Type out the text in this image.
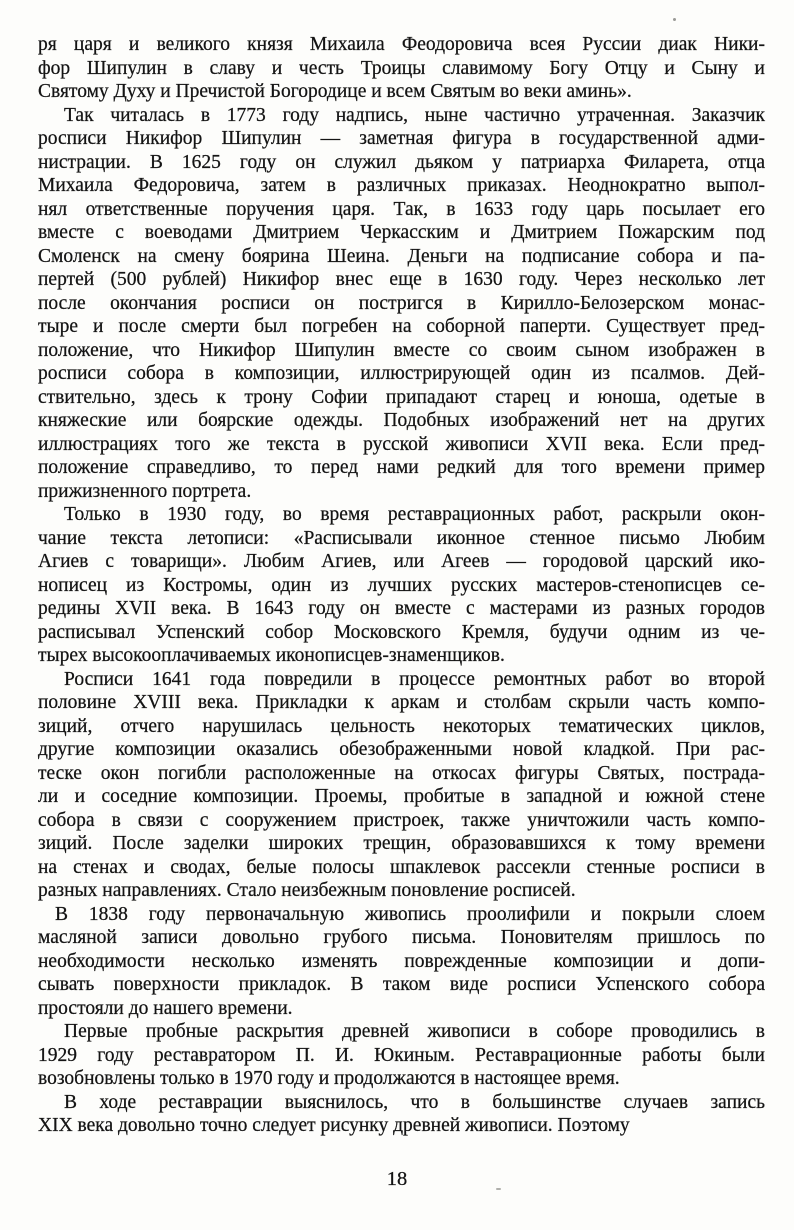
ря царя и великого князя Михаила Феодоровича всея Руссии диак Ники-
фор Шипулин в славу и честь Троицы славимому Богу Отцу и Сыну и
Святому Духу и Пречистой Богородице и всем Святым во веки аминь».
Так читалась в 1773 году надпись, ныне частично утраченная. Заказчик
росписи Никифор Шипулин — заметная фигура в государственной адми-
нистрации. В 1625 году он служил дьяком у патриарха Филарета, отца
Михаила Федоровича, затем в различных приказах. Неоднократно выпол-
нял ответственные поручения царя. Так, в 1633 году царь посылает его
вместе с воеводами Дмитрием Черкасским и Дмитрием Пожарским под
Смоленск на смену боярина Шеина. Деньги на подписание собора и па-
пертей (500 рублей) Никифор внес еще в 1630 году. Через несколько лет
после окончания росписи он постригся в Кирилло-Белозерском монас-
тыре и после смерти был погребен на соборной паперти. Существует пред-
положение, что Никифор Шипулин вместе со своим сыном изображен в
росписи собора в композиции, иллюстрирующей один из псалмов. Дей-
ствительно, здесь к трону Софии припадают старец и юноша, одетые в
княжеские или боярские одежды. Подобных изображений нет на других
иллюстрациях того же текста в русской живописи XVII века. Если пред-
положение справедливо, то перед нами редкий для того времени пример
прижизненного портрета.
Только в 1930 году, во время реставрационных работ, раскрыли окон-
чание текста летописи: «Расписывали иконное стенное письмо Любим
Агиев с товарищи». Любим Агиев, или Агеев — городовой царский ико-
нописец из Костромы, один из лучших русских мастеров-стенописцев се-
редины XVII века. В 1643 году он вместе с мастерами из разных городов
расписывал Успенский собор Московского Кремля, будучи одним из че-
тырех высокооплачиваемых иконописцев-знаменщиков.
Росписи 1641 года повредили в процессе ремонтных работ во второй
половине XVIII века. Прикладки к аркам и столбам скрыли часть компо-
зиций, отчего нарушилась цельность некоторых тематических циклов,
другие композиции оказались обезображенными новой кладкой. При рас-
теске окон погибли расположенные на откосах фигуры Святых, пострада-
ли и соседние композиции. Проемы, пробитые в западной и южной стене
собора в связи с сооружением пристроек, также уничтожили часть компо-
зиций. После заделки широких трещин, образовавшихся к тому времени
на стенах и сводах, белые полосы шпаклевок рассекли стенные росписи в
разных направлениях. Стало неизбежным поновление росписей.
В 1838 году первоначальную живопись проолифили и покрыли слоем
масляной записи довольно грубого письма. Поновителям пришлось по
необходимости несколько изменять поврежденные композиции и допи-
сывать поверхности прикладок. В таком виде росписи Успенского собора
простояли до нашего времени.
Первые пробные раскрытия древней живописи в соборе проводились в
1929 году реставратором П. И. Юкиным. Реставрационные работы были
возобновлены только в 1970 году и продолжаются в настоящее время.
В ходе реставрации выяснилось, что в большинстве случаев запись
XIX века довольно точно следует рисунку древней живописи. Поэтому
18
